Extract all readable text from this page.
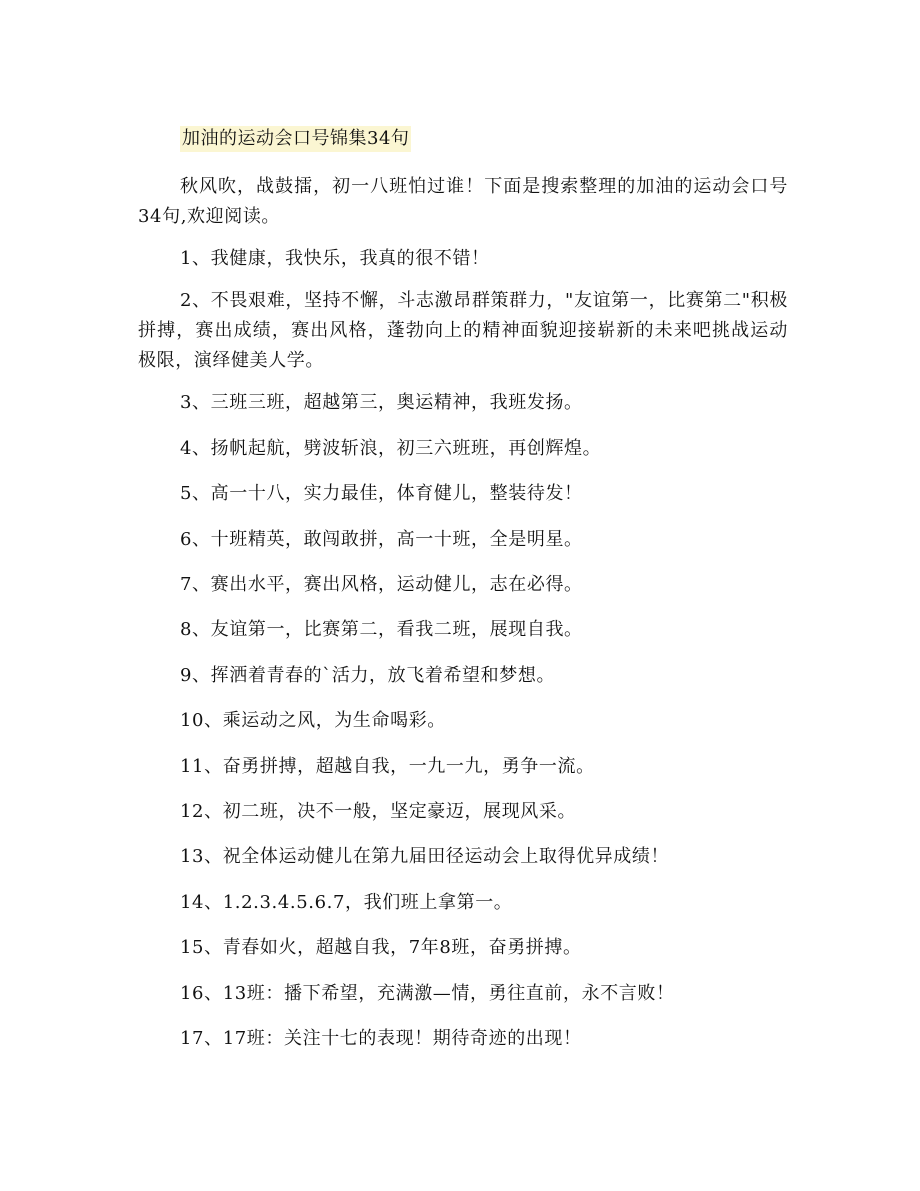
加油的运动会口号锦集34句

秋风吹，战鼓擂，初一八班怕过谁！下面是搜索整理的加油的运动会口号34句,欢迎阅读。

1、我健康，我快乐，我真的很不错！

2、不畏艰难，坚持不懈，斗志激昂群策群力，"友谊第一，比赛第二"积极拼搏，赛出成绩，赛出风格，蓬勃向上的精神面貌迎接崭新的未来吧挑战运动极限，演绎健美人学。

3、三班三班，超越第三，奥运精神，我班发扬。

4、扬帆起航，劈波斩浪，初三六班班，再创辉煌。

5、高一十八，实力最佳，体育健儿，整装待发！

6、十班精英，敢闯敢拼，高一十班，全是明星。

7、赛出水平，赛出风格，运动健儿，志在必得。

8、友谊第一，比赛第二，看我二班，展现自我。

9、挥洒着青春的`活力，放飞着希望和梦想。

10、乘运动之风，为生命喝彩。

11、奋勇拼搏，超越自我，一九一九，勇争一流。

12、初二班，决不一般，坚定豪迈，展现风采。

13、祝全体运动健儿在第九届田径运动会上取得优异成绩！

14、1.2.3.4.5.6.7，我们班上拿第一。

15、青春如火，超越自我，7年8班，奋勇拼搏。

16、13班：播下希望，充满激—情，勇往直前，永不言败！

17、17班：关注十七的表现！期待奇迹的出现！
